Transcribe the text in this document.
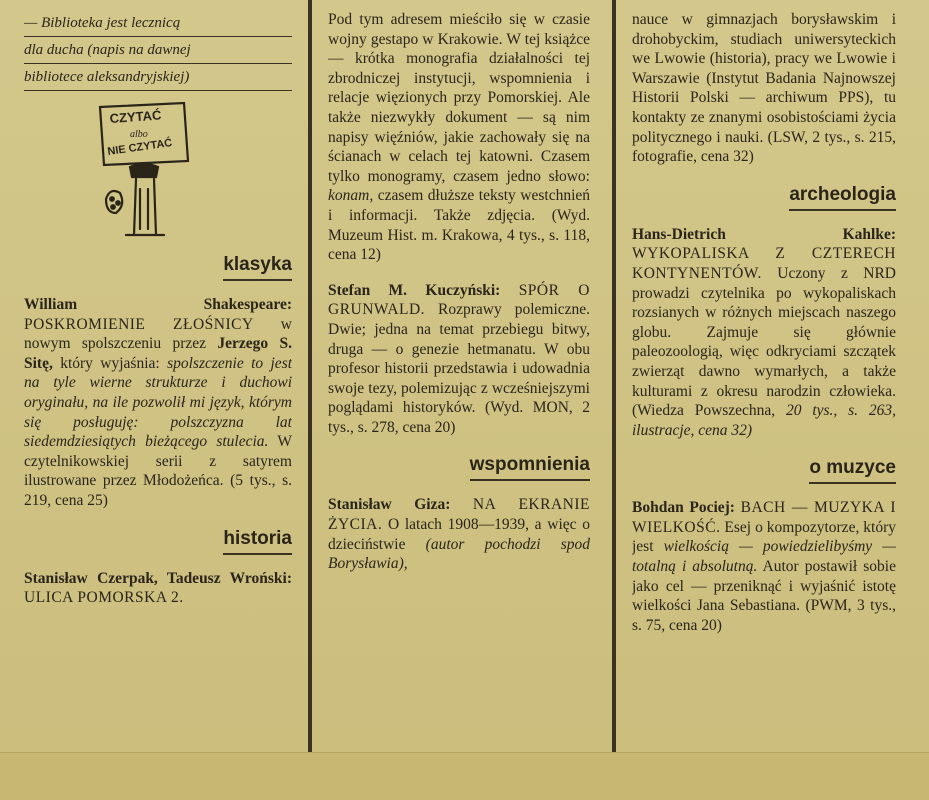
— Biblioteka jest lecznicą
dla ducha (napis na dawnej
bibliotece aleksandryjskiej)
CZYTAĆ
albo
NIE CZYTAĆ
klasyka
William Shakespeare: POSKROMIENIE ZŁOŚNICY w nowym spolszczeniu przez Jerzego S. Sitę, który wyjaśnia: spolszczenie to jest na tyle wierne strukturze i duchowi oryginału, na ile pozwolił mi język, którym się posługuję: polszczyzna lat siedemdziesiątych bieżącego stulecia. W czytelnikowskiej serii z satyrem ilustrowane przez Młodożeńca. (5 tys., s. 219, cena 25)
historia
Stanisław Czerpak, Tadeusz Wroński: ULICA POMORSKA 2.
Pod tym adresem mieściło się w czasie wojny gestapo w Krakowie. W tej książce — krótka monografia działalności tej zbrodniczej instytucji, wspomnienia i relacje więzionych przy Pomorskiej. Ale także niezwykły dokument — są nim napisy więźniów, jakie zachowały się na ścianach w celach tej katowni. Czasem tylko monogramy, czasem jedno słowo: konam, czasem dłuższe teksty westchnień i informacji. Także zdjęcia. (Wyd. Muzeum Hist. m. Krakowa, 4 tys., s. 118, cena 12)
Stefan M. Kuczyński: SPÓR O GRUNWALD. Rozprawy polemiczne. Dwie; jedna na temat przebiegu bitwy, druga — o genezie hetmanatu. W obu profesor historii przedstawia i udowadnia swoje tezy, polemizując z wcześniejszymi poglądami historyków. (Wyd. MON, 2 tys., s. 278, cena 20)
wspomnienia
Stanisław Giza: NA EKRANIE ŻYCIA. O latach 1908—1939, a więc o dzieciństwie (autor pochodzi spod Borysławia),
nauce w gimnazjach borysławskim i drohobyckim, studiach uniwersyteckich we Lwowie (historia), pracy we Lwowie i Warszawie (Instytut Badania Najnowszej Historii Polski — archiwum PPS), tu kontakty ze znanymi osobistościami życia politycznego i nauki. (LSW, 2 tys., s. 215, fotografie, cena 32)
archeologia
Hans-Dietrich Kahlke: WYKOPALISKA Z CZTERECH KONTYNENTÓW. Uczony z NRD prowadzi czytelnika po wykopaliskach rozsianych w różnych miejscach naszego globu. Zajmuje się głównie paleozoologią, więc odkryciami szczątek zwierząt dawno wymarłych, a także kulturami z okresu narodzin człowieka. (Wiedza Powszechna, 20 tys., s. 263, ilustracje, cena 32)
o muzyce
Bohdan Pociej: BACH — MUZYKA I WIELKOŚĆ. Esej o kompozytorze, który jest wielkością — powiedzielibyśmy — totalną i absolutną. Autor postawił sobie jako cel — przeniknąć i wyjaśnić istotę wielkości Jana Sebastiana. (PWM, 3 tys., s. 75, cena 20)
